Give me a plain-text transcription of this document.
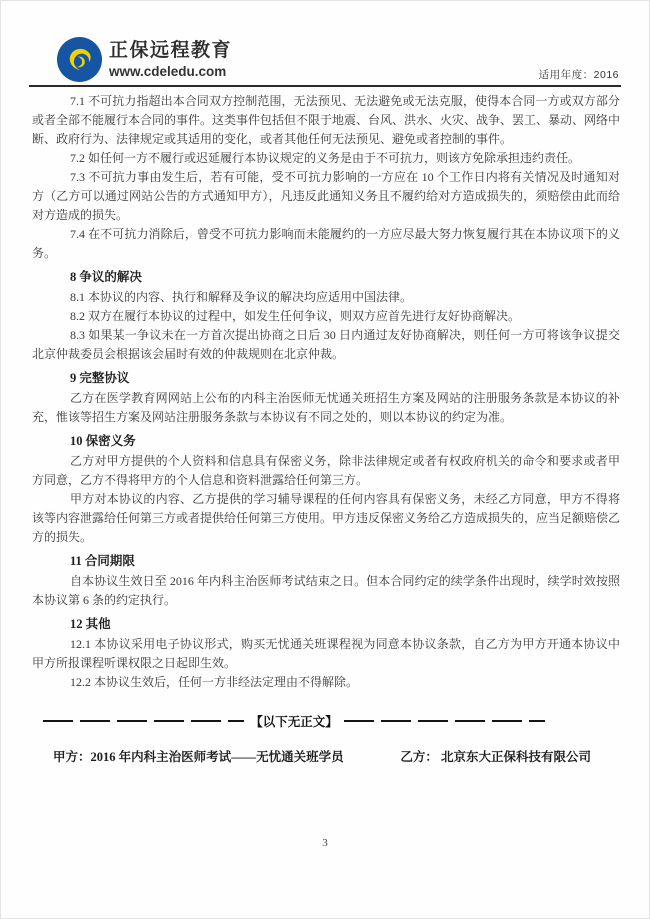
正保远程教育
www.cdeledu.com	适用年度：2016

7.1 不可抗力指超出本合同双方控制范围，无法预见、无法避免或无法克服，使得本合同一方或双方部分或者全部不能履行本合同的事件。这类事件包括但不限于地震、台风、洪水、火灾、战争、罢工、暴动、网络中断、政府行为、法律规定或其适用的变化，或者其他任何无法预见、避免或者控制的事件。

7.2 如任何一方不履行或迟延履行本协议规定的义务是由于不可抗力，则该方免除承担违约责任。

7.3 不可抗力事由发生后，若有可能，受不可抗力影响的一方应在 10 个工作日内将有关情况及时通知对方（乙方可以通过网站公告的方式通知甲方），凡违反此通知义务且不履约给对方造成损失的，须赔偿由此而给对方造成的损失。

7.4 在不可抗力消除后，曾受不可抗力影响而未能履约的一方应尽最大努力恢复履行其在本协议项下的义务。

8 争议的解决

8.1 本协议的内容、执行和解释及争议的解决均应适用中国法律。

8.2 双方在履行本协议的过程中，如发生任何争议，则双方应首先进行友好协商解决。

8.3 如果某一争议未在一方首次提出协商之日后 30 日内通过友好协商解决，则任何一方可将该争议提交北京仲裁委员会根据该会届时有效的仲裁规则在北京仲裁。

9 完整协议

乙方在医学教育网网站上公布的内科主治医师无忧通关班招生方案及网站的注册服务条款是本协议的补充，惟该等招生方案及网站注册服务条款与本协议有不同之处的，则以本协议的约定为准。

10 保密义务

乙方对甲方提供的个人资料和信息具有保密义务，除非法律规定或者有权政府机关的命令和要求或者甲方同意，乙方不得将甲方的个人信息和资料泄露给任何第三方。

甲方对本协议的内容、乙方提供的学习辅导课程的任何内容具有保密义务，未经乙方同意，甲方不得将该等内容泄露给任何第三方或者提供给任何第三方使用。甲方违反保密义务给乙方造成损失的，应当足额赔偿乙方的损失。

11 合同期限

自本协议生效日至 2016 年内科主治医师考试结束之日。但本合同约定的续学条件出现时，续学时效按照本协议第 6 条的约定执行。

12 其他

12.1 本协议采用电子协议形式，购买无忧通关班课程视为同意本协议条款，自乙方为甲方开通本协议中甲方所报课程听课权限之日起即生效。

12.2 本协议生效后，任何一方非经法定理由不得解除。

【以下无正文】
甲方：2016 年内科主治医师考试——无忧通关班学员	乙方： 北京东大正保科技有限公司
3
